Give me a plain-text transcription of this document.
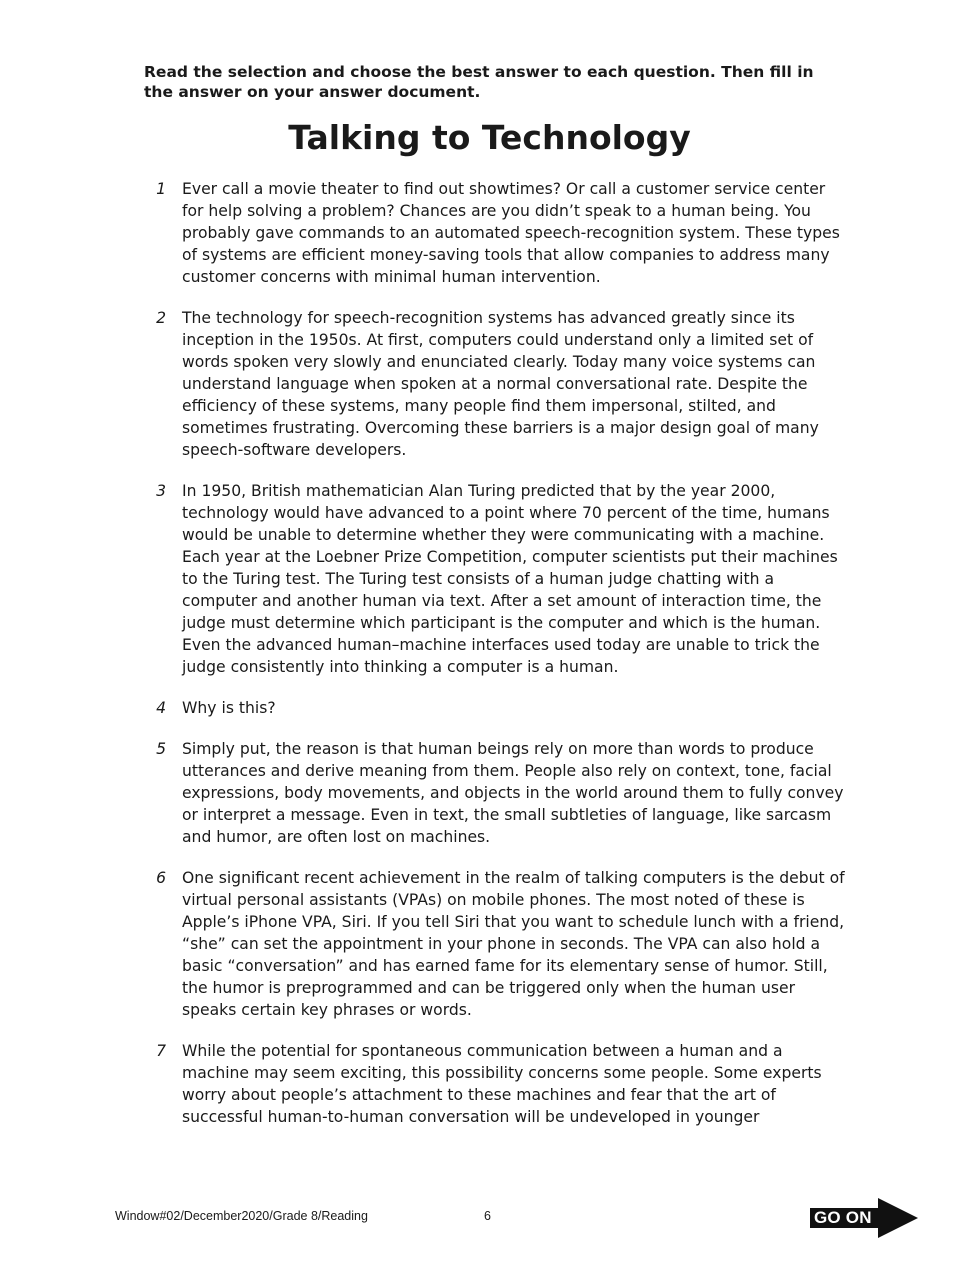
Read the selection and choose the best answer to each question. Then fill in the answer on your answer document.

Talking to Technology
1 Ever call a movie theater to find out showtimes? Or call a customer service center for help solving a problem? Chances are you didn’t speak to a human being. You probably gave commands to an automated speech-recognition system. These types of systems are efficient money-saving tools that allow companies to address many customer concerns with minimal human intervention.
2 The technology for speech-recognition systems has advanced greatly since its inception in the 1950s. At first, computers could understand only a limited set of words spoken very slowly and enunciated clearly. Today many voice systems can understand language when spoken at a normal conversational rate. Despite the efficiency of these systems, many people find them impersonal, stilted, and sometimes frustrating. Overcoming these barriers is a major design goal of many speech-software developers.
3 In 1950, British mathematician Alan Turing predicted that by the year 2000, technology would have advanced to a point where 70 percent of the time, humans would be unable to determine whether they were communicating with a machine. Each year at the Loebner Prize Competition, computer scientists put their machines to the Turing test. The Turing test consists of a human judge chatting with a computer and another human via text. After a set amount of interaction time, the judge must determine which participant is the computer and which is the human. Even the advanced human–machine interfaces used today are unable to trick the judge consistently into thinking a computer is a human.
4 Why is this?
5 Simply put, the reason is that human beings rely on more than words to produce utterances and derive meaning from them. People also rely on context, tone, facial expressions, body movements, and objects in the world around them to fully convey or interpret a message. Even in text, the small subtleties of language, like sarcasm and humor, are often lost on machines.
6 One significant recent achievement in the realm of talking computers is the debut of virtual personal assistants (VPAs) on mobile phones. The most noted of these is Apple’s iPhone VPA, Siri. If you tell Siri that you want to schedule lunch with a friend, “she” can set the appointment in your phone in seconds. The VPA can also hold a basic “conversation” and has earned fame for its elementary sense of humor. Still, the humor is preprogrammed and can be triggered only when the human user speaks certain key phrases or words.
7 While the potential for spontaneous communication between a human and a machine may seem exciting, this possibility concerns some people. Some experts worry about people’s attachment to these machines and fear that the art of successful human-to-human conversation will be undeveloped in younger
Window#02/December2020/Grade 8/Reading	6	GO ON
